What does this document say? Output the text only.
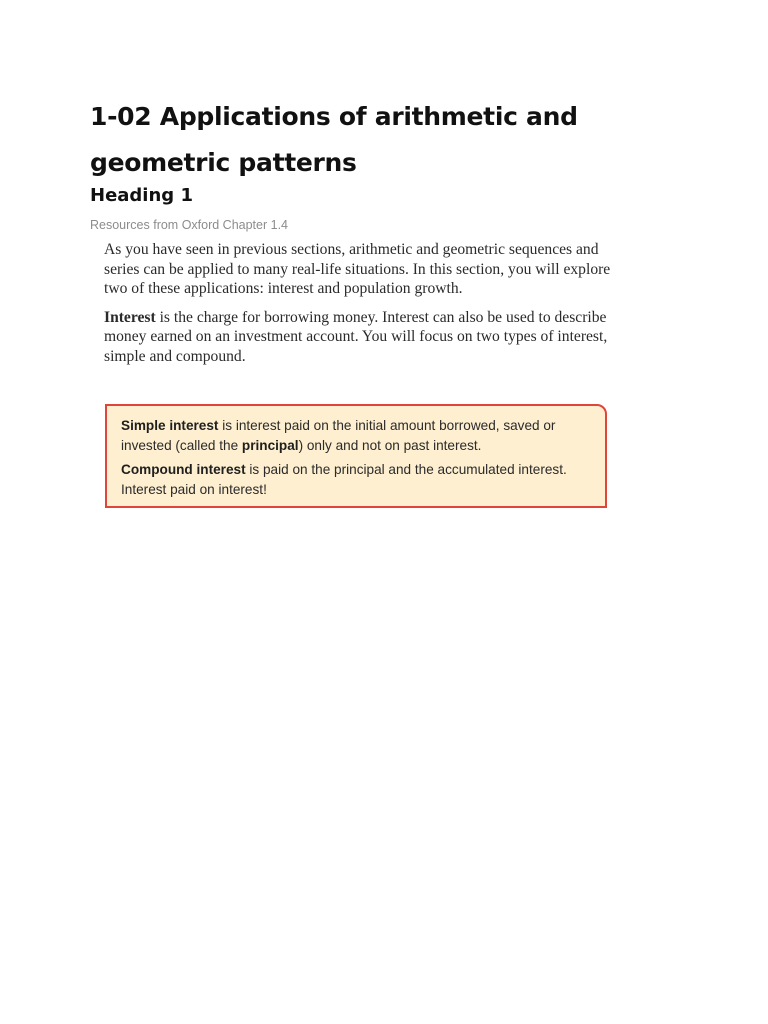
1-02 Applications of arithmetic and geometric patterns
Heading 1

Resources from Oxford Chapter 1.4

As you have seen in previous sections, arithmetic and geometric sequences and series can be applied to many real-life situations. In this section, you will explore two of these applications: interest and population growth.

Interest is the charge for borrowing money. Interest can also be used to describe money earned on an investment account. You will focus on two types of interest, simple and compound.

Simple interest is interest paid on the initial amount borrowed, saved or invested (called the principal) only and not on past interest.

Compound interest is paid on the principal and the accumulated interest. Interest paid on interest!
